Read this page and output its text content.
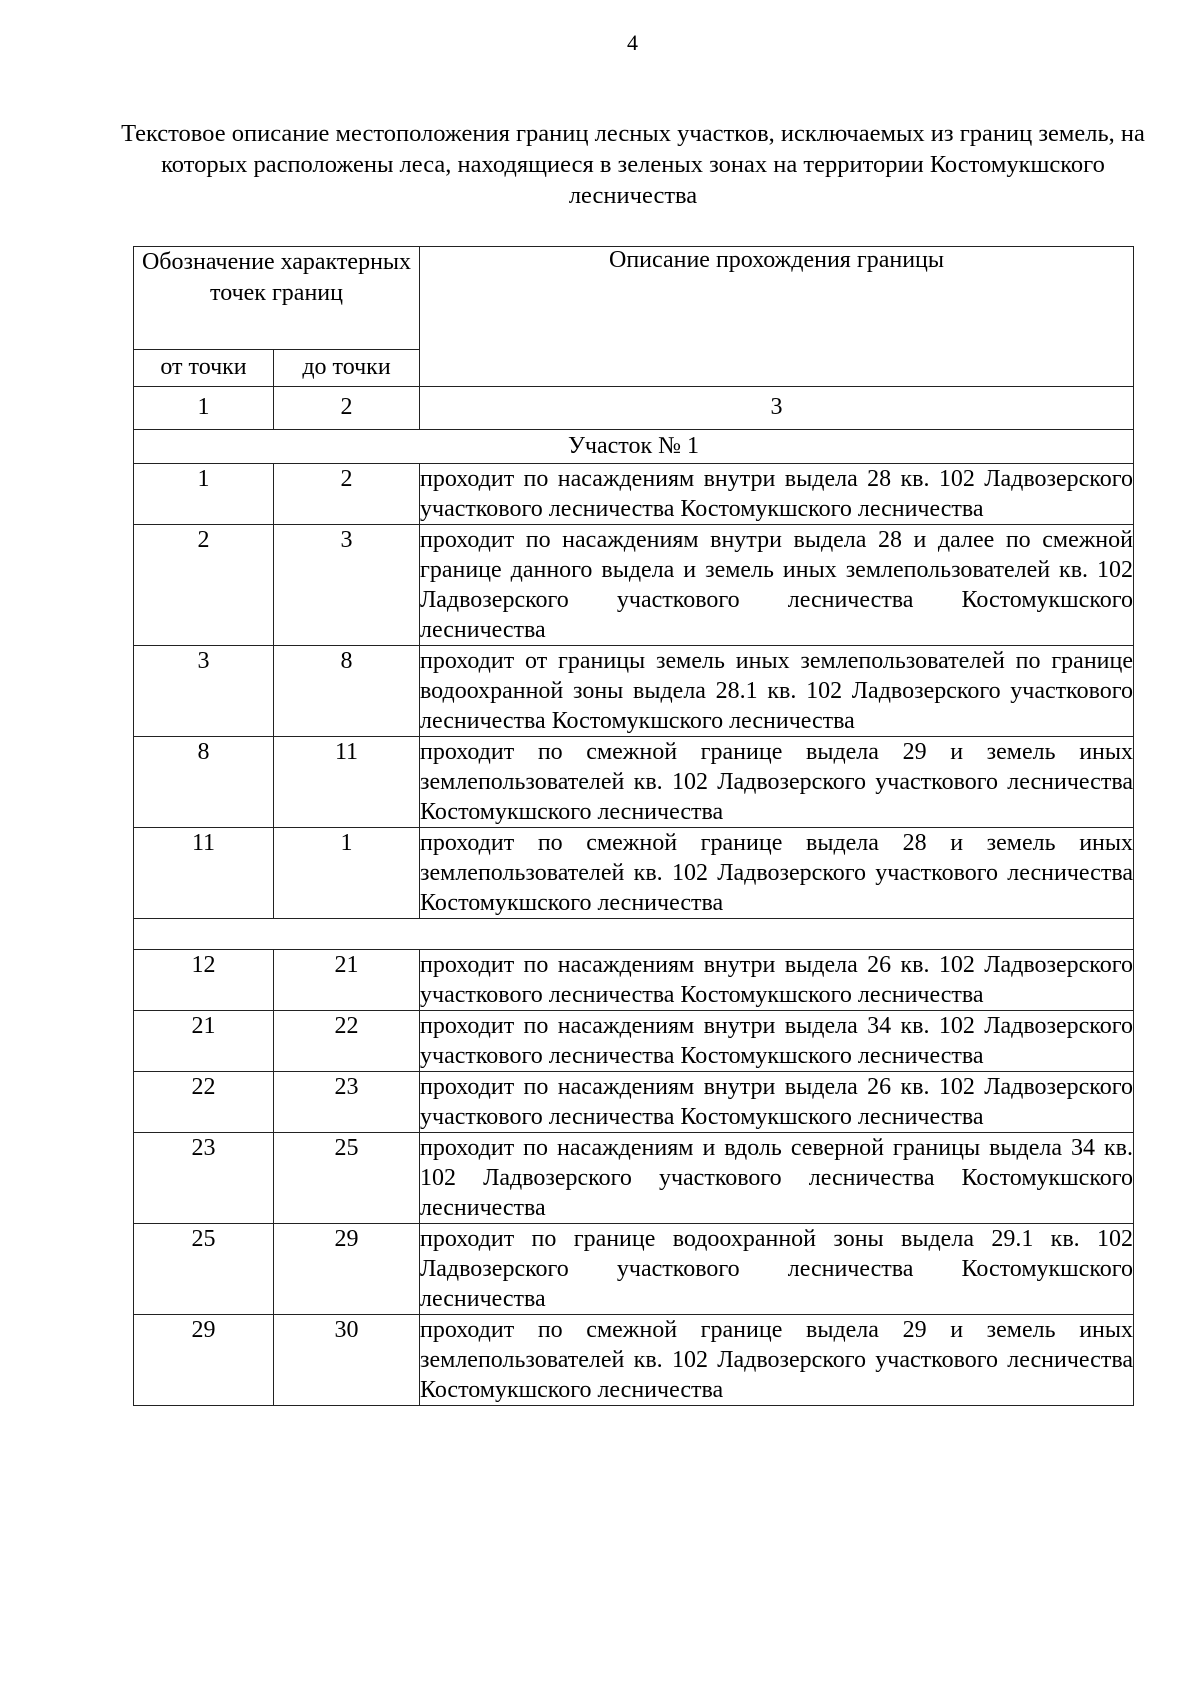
4
Текстовое описание местоположения границ лесных участков, исключаемых из границ земель, на которых расположены леса, находящиеся в зеленых зонах на территории Костомукшского лесничества
Обозначение характерных точек границ		Описание прохождения границы
от точки	до точки	
1	2	3
Участок № 1		
1	2	проходит по насаждениям внутри выдела 28 кв. 102 Ладвозерского участкового лесничества Костомукшского лесничества
2	3	проходит по насаждениям внутри выдела 28 и далее по смежной границе данного выдела и земель иных землепользователей кв. 102 Ладвозерского участкового лесничества Костомукшского лесничества
3	8	проходит от границы земель иных землепользователей по границе водоохранной зоны выдела 28.1 кв. 102 Ладвозерского участкового лесничества Костомукшского лесничества
8	11	проходит по смежной границе выдела 29 и земель иных землепользователей кв. 102 Ладвозерского участкового лесничества Костомукшского лесничества
11	1	проходит по смежной границе выдела 28 и земель иных землепользователей кв. 102 Ладвозерского участкового лесничества Костомукшского лесничества

12	21	проходит по насаждениям внутри выдела 26 кв. 102 Ладвозерского участкового лесничества Костомукшского лесничества
21	22	проходит по насаждениям внутри выдела 34 кв. 102 Ладвозерского участкового лесничества Костомукшского лесничества
22	23	проходит по насаждениям внутри выдела 26 кв. 102 Ладвозерского участкового лесничества Костомукшского лесничества
23	25	проходит по насаждениям и вдоль северной границы выдела 34 кв. 102 Ладвозерского участкового лесничества Костомукшского лесничества
25	29	проходит по границе водоохранной зоны выдела 29.1 кв. 102 Ладвозерского участкового лесничества Костомукшского лесничества
29	30	проходит по смежной границе выдела 29 и земель иных землепользователей кв. 102 Ладвозерского участкового лесничества Костомукшского лесничества
